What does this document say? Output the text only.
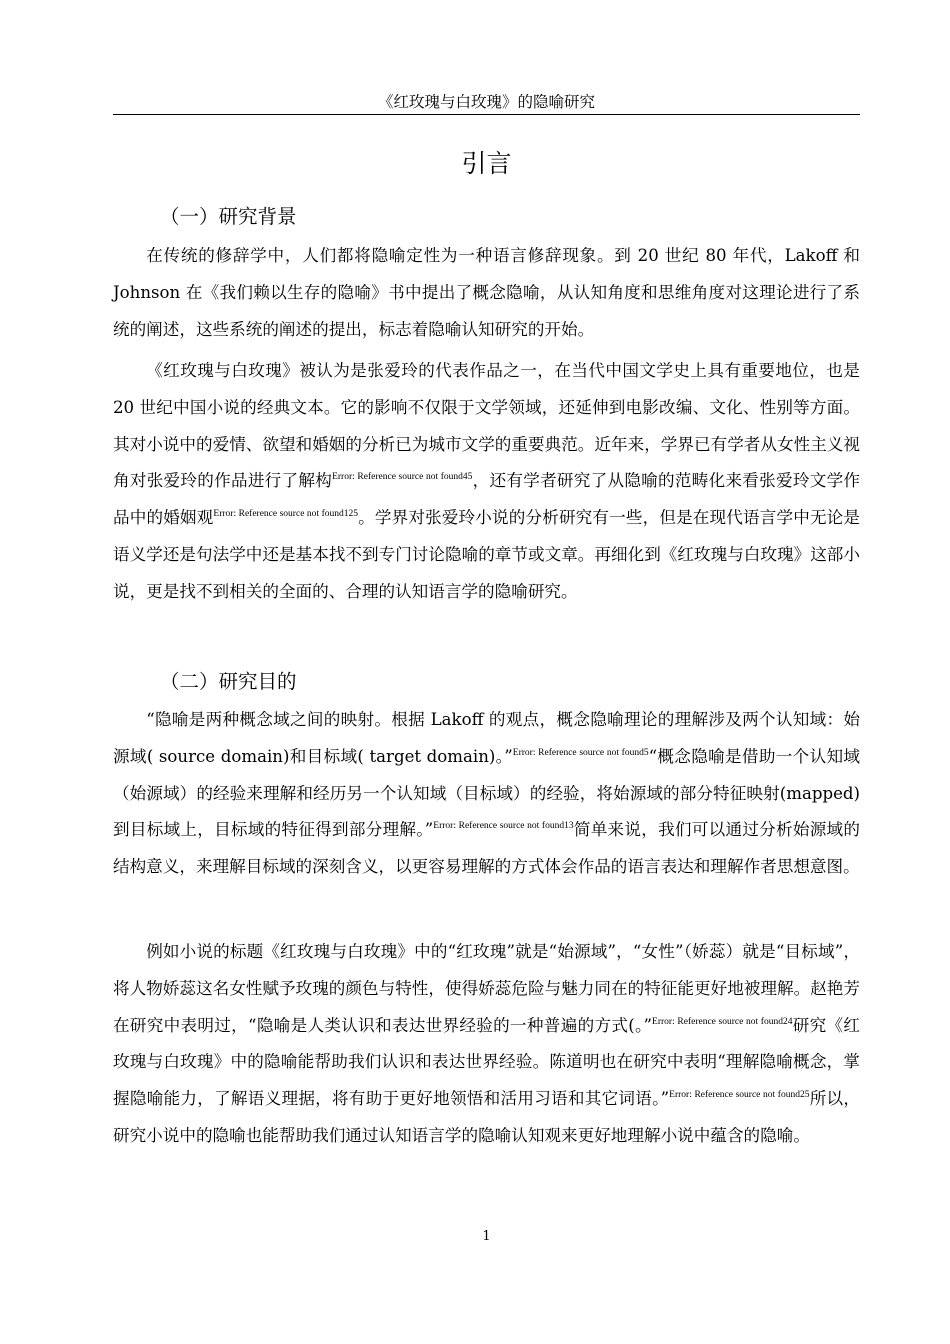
《红玫瑰与白玫瑰》的隐喻研究
引言
（一）研究背景

在传统的修辞学中，人们都将隐喻定性为一种语言修辞现象。到 20 世纪 80 年代，Lakoff 和 Johnson 在《我们赖以生存的隐喻》书中提出了概念隐喻，从认知角度和思维角度对这理论进行了系统的阐述，这些系统的阐述的提出，标志着隐喻认知研究的开始。

《红玫瑰与白玫瑰》被认为是张爱玲的代表作品之一，在当代中国文学史上具有重要地位，也是 20 世纪中国小说的经典文本。它的影响不仅限于文学领域，还延伸到电影改编、文化、性别等方面。其对小说中的爱情、欲望和婚姻的分析已为城市文学的重要典范。近年来，学界已有学者从女性主义视角对张爱玲的作品进行了解构$^{Error: Reference source not found45}$，还有学者研究了从隐喻的范畴化来看张爱玲文学作品中的婚姻观$^{Error: Reference source not found125}$。学界对张爱玲小说的分析研究有一些，但是在现代语言学中无论是语义学还是句法学中还是基本找不到专门讨论隐喻的章节或文章。再细化到《红玫瑰与白玫瑰》这部小说，更是找不到相关的全面的、合理的认知语言学的隐喻研究。

（二）研究目的

“隐喻是两种概念域之间的映射。根据 Lakoff 的观点，概念隐喻理论的理解涉及两个认知域：始源域( source domain)和目标域( target domain)。”$^{Error: Reference source not found5}$“概念隐喻是借助一个认知域（始源域）的经验来理解和经历另一个认知域（目标域）的经验，将始源域的部分特征映射(mapped)到目标域上，目标域的特征得到部分理解。”$^{Error: Reference source not found13}$简单来说，我们可以通过分析始源域的结构意义，来理解目标域的深刻含义，以更容易理解的方式体会作品的语言表达和理解作者思想意图。

例如小说的标题《红玫瑰与白玫瑰》中的“红玫瑰”就是“始源域”，“女性”（娇蕊）就是“目标域”，将人物娇蕊这名女性赋予玫瑰的颜色与特性，使得娇蕊危险与魅力同在的特征能更好地被理解。赵艳芳在研究中表明过，“隐喻是人类认识和表达世界经验的一种普遍的方式(。”$^{Error: Reference source not found24}$研究《红玫瑰与白玫瑰》中的隐喻能帮助我们认识和表达世界经验。陈道明也在研究中表明“理解隐喻概念，掌握隐喻能力，了解语义理据，将有助于更好地领悟和活用习语和其它词语。”$^{Error: Reference source not found25}$所以，研究小说中的隐喻也能帮助我们通过认知语言学的隐喻认知观来更好地理解小说中蕴含的隐喻。

1
